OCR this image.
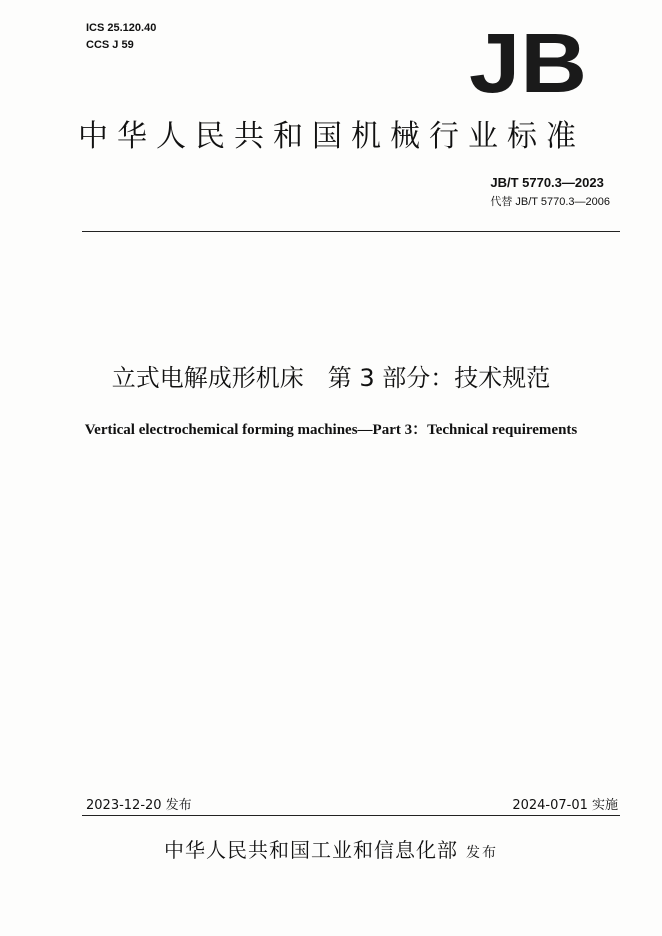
ICS 25.120.40
CCS J 59	JB
中华人民共和国机械行业标准
JB/T 5770.3—2023
代替 JB/T 5770.3—2006
立式电解成形机床　第 3 部分：技术规范
Vertical electrochemical forming machines—Part 3：Technical requirements
2023-12-20 发布	2024-07-01 实施
中华人民共和国工业和信息化部 发布
